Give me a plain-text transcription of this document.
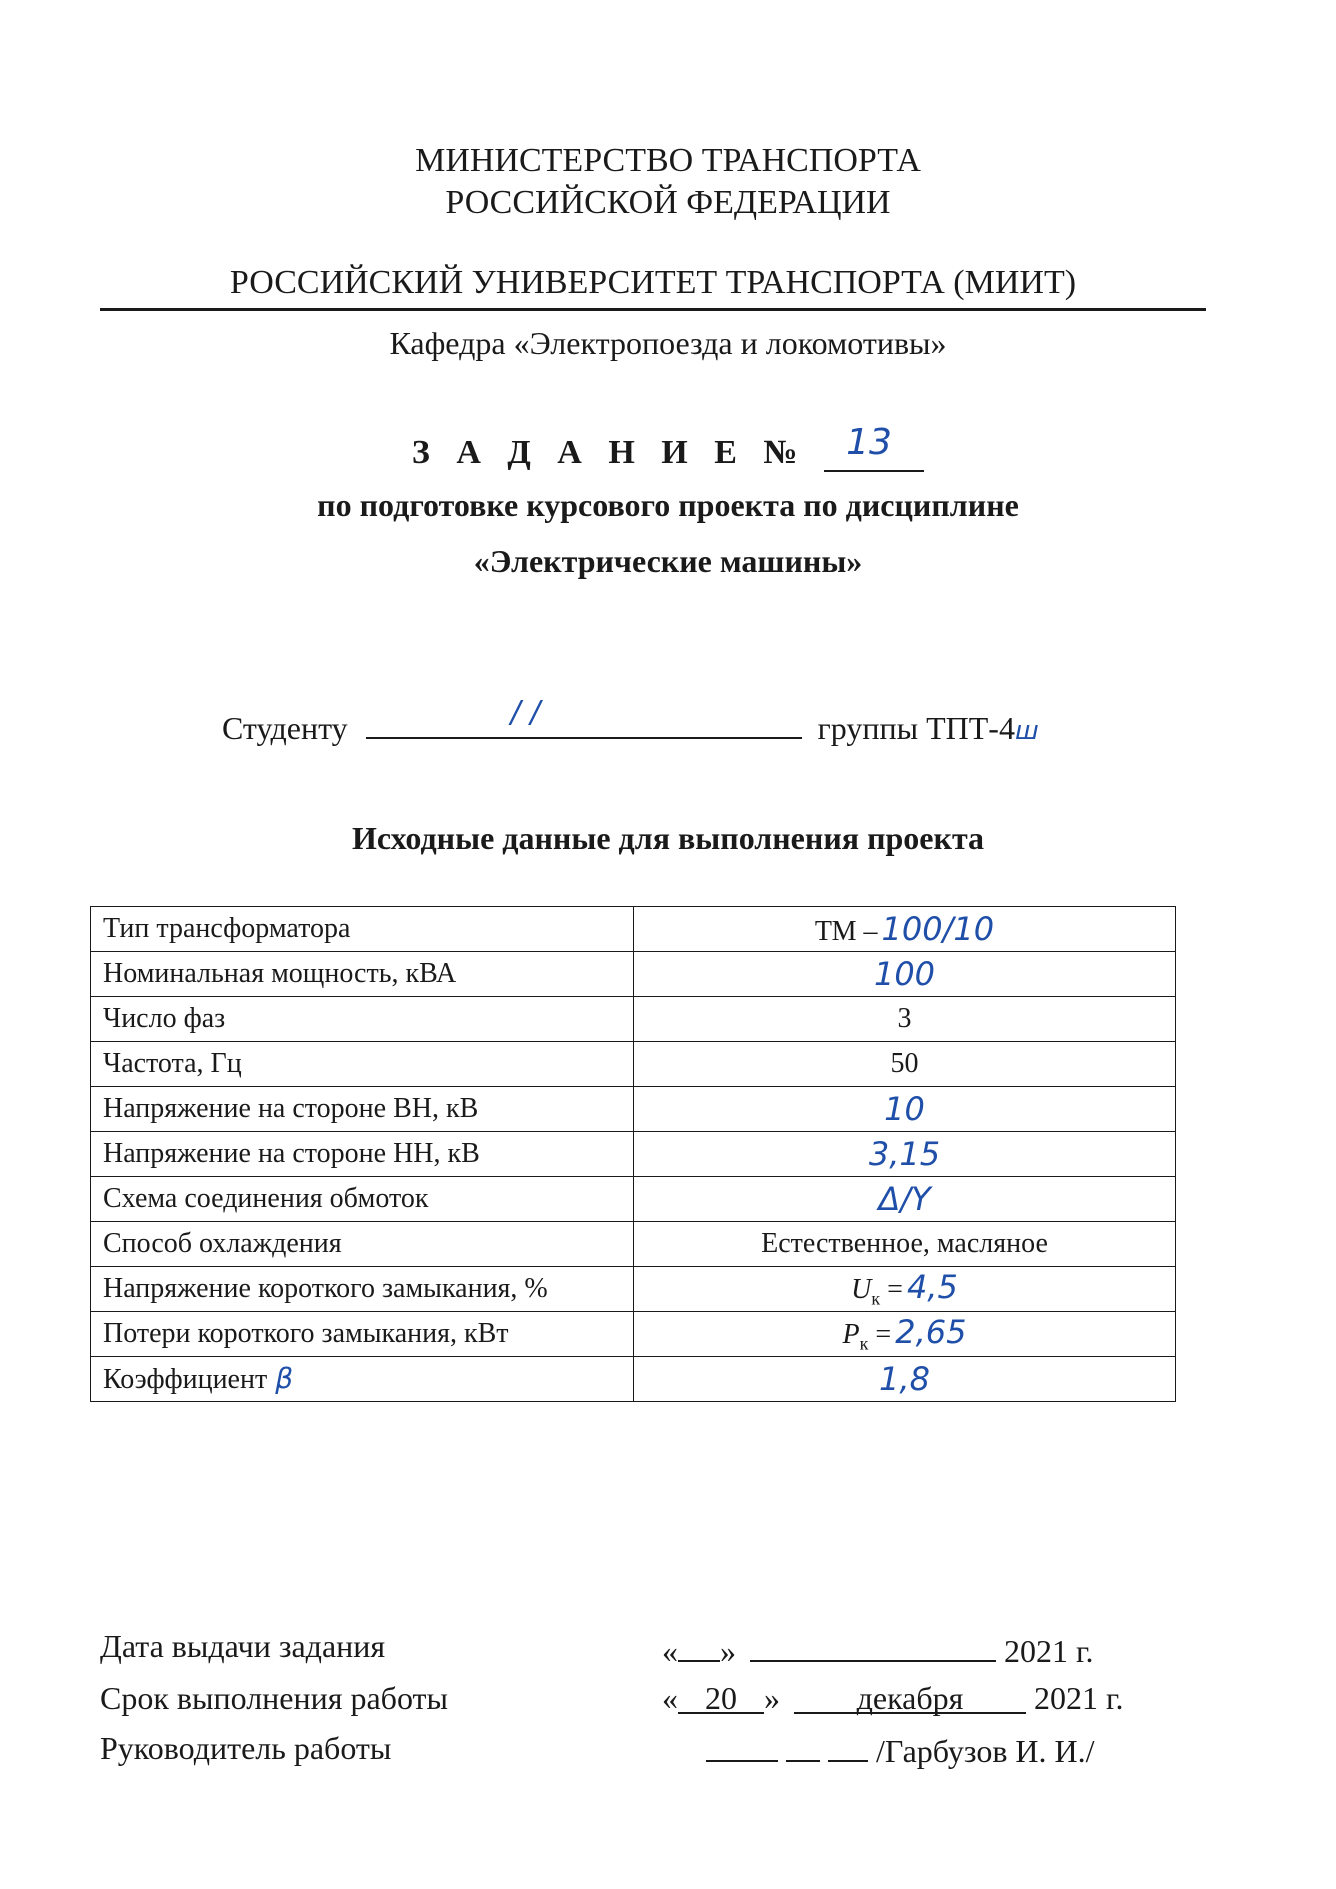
МИНИСТЕРСТВО ТРАНСПОРТА
РОССИЙСКОЙ ФЕДЕРАЦИИ
РОССИЙСКИЙ УНИВЕРСИТЕТ ТРАНСПОРТА (МИИТ)
Кафедра «Электропоезда и локомотивы»
З А Д А Н И Е № 13
по подготовке курсового проекта по дисциплине
«Электрические машины»
Студенту	/ /	группы ТПТ-4ш
Исходные данные для выполнения проекта
Тип трансформатора	ТМ – 100/10
Номинальная мощность, кВА	100
Число фаз	3
Частота, Гц	50
Напряжение на стороне ВН, кВ	10
Напряжение на стороне НН, кВ	3,15
Схема соединения обмоток	Δ/Y
Способ охлаждения	Естественное, масляное
Напряжение короткого замыкания, %	$U_к = 4,5$
Потери короткого замыкания, кВт	$P_к = 2,65$
Коэффициент β	1,8
Дата выдачи задания	« »	2021 г.
Срок выполнения работы	« 20 » декабря 2021 г.
Руководитель работы	/Гарбузов И. И./
